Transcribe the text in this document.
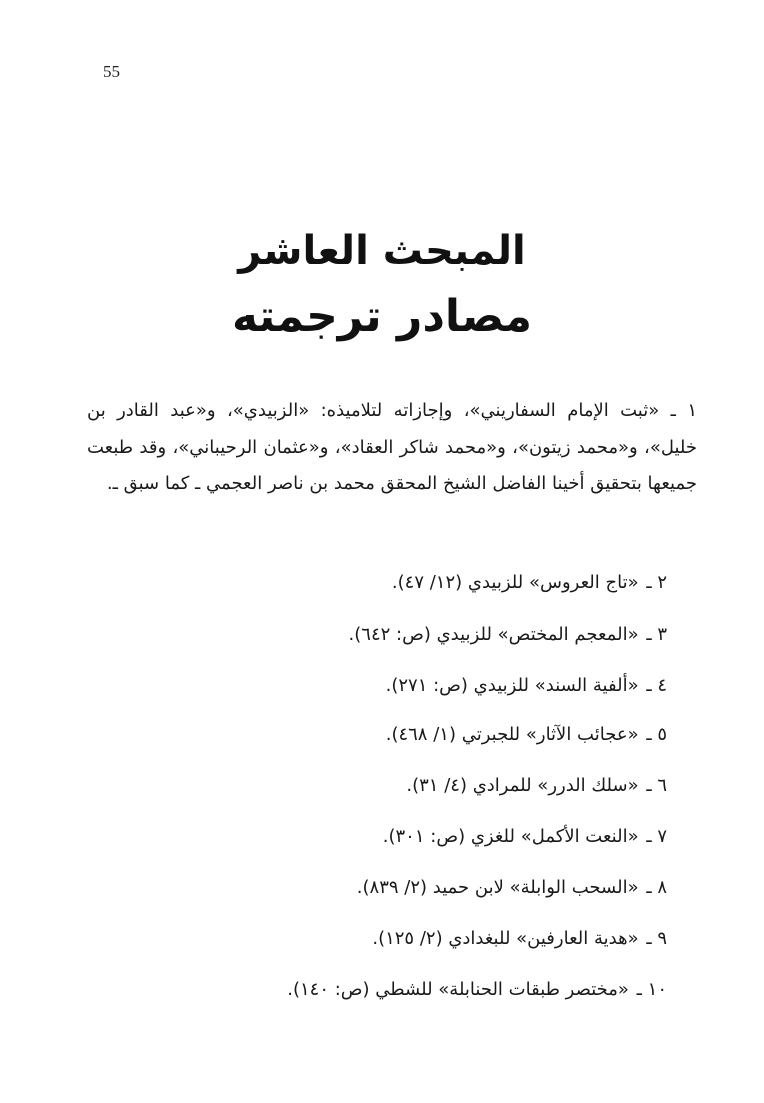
55
المبحث العاشر
مصادر ترجمته
١ ـ «ثبت الإمام السفاريني»، وإجازاته لتلاميذه: «الزبيدي»، و«عبد القادر بن خليل»، و«محمد زيتون»، و«محمد شاكر العقاد»، و«عثمان الرحيباني»، وقد طبعت جميعها بتحقيق أخينا الفاضل الشيخ المحقق محمد بن ناصر العجمي ـ كما سبق ـ.
٢ ـ «تاج العروس» للزبيدي (١٢/ ٤٧).
٣ ـ «المعجم المختص» للزبيدي (ص: ٦٤٢).
٤ ـ «ألفية السند» للزبيدي (ص: ٢٧١).
٥ ـ «عجائب الآثار» للجبرتي (١/ ٤٦٨).
٦ ـ «سلك الدرر» للمرادي (٤/ ٣١).
٧ ـ «النعت الأكمل» للغزي (ص: ٣٠١).
٨ ـ «السحب الوابلة» لابن حميد (٢/ ٨٣٩).
٩ ـ «هدية العارفين» للبغدادي (٢/ ١٢٥).
١٠ ـ «مختصر طبقات الحنابلة» للشطي (ص: ١٤٠).
